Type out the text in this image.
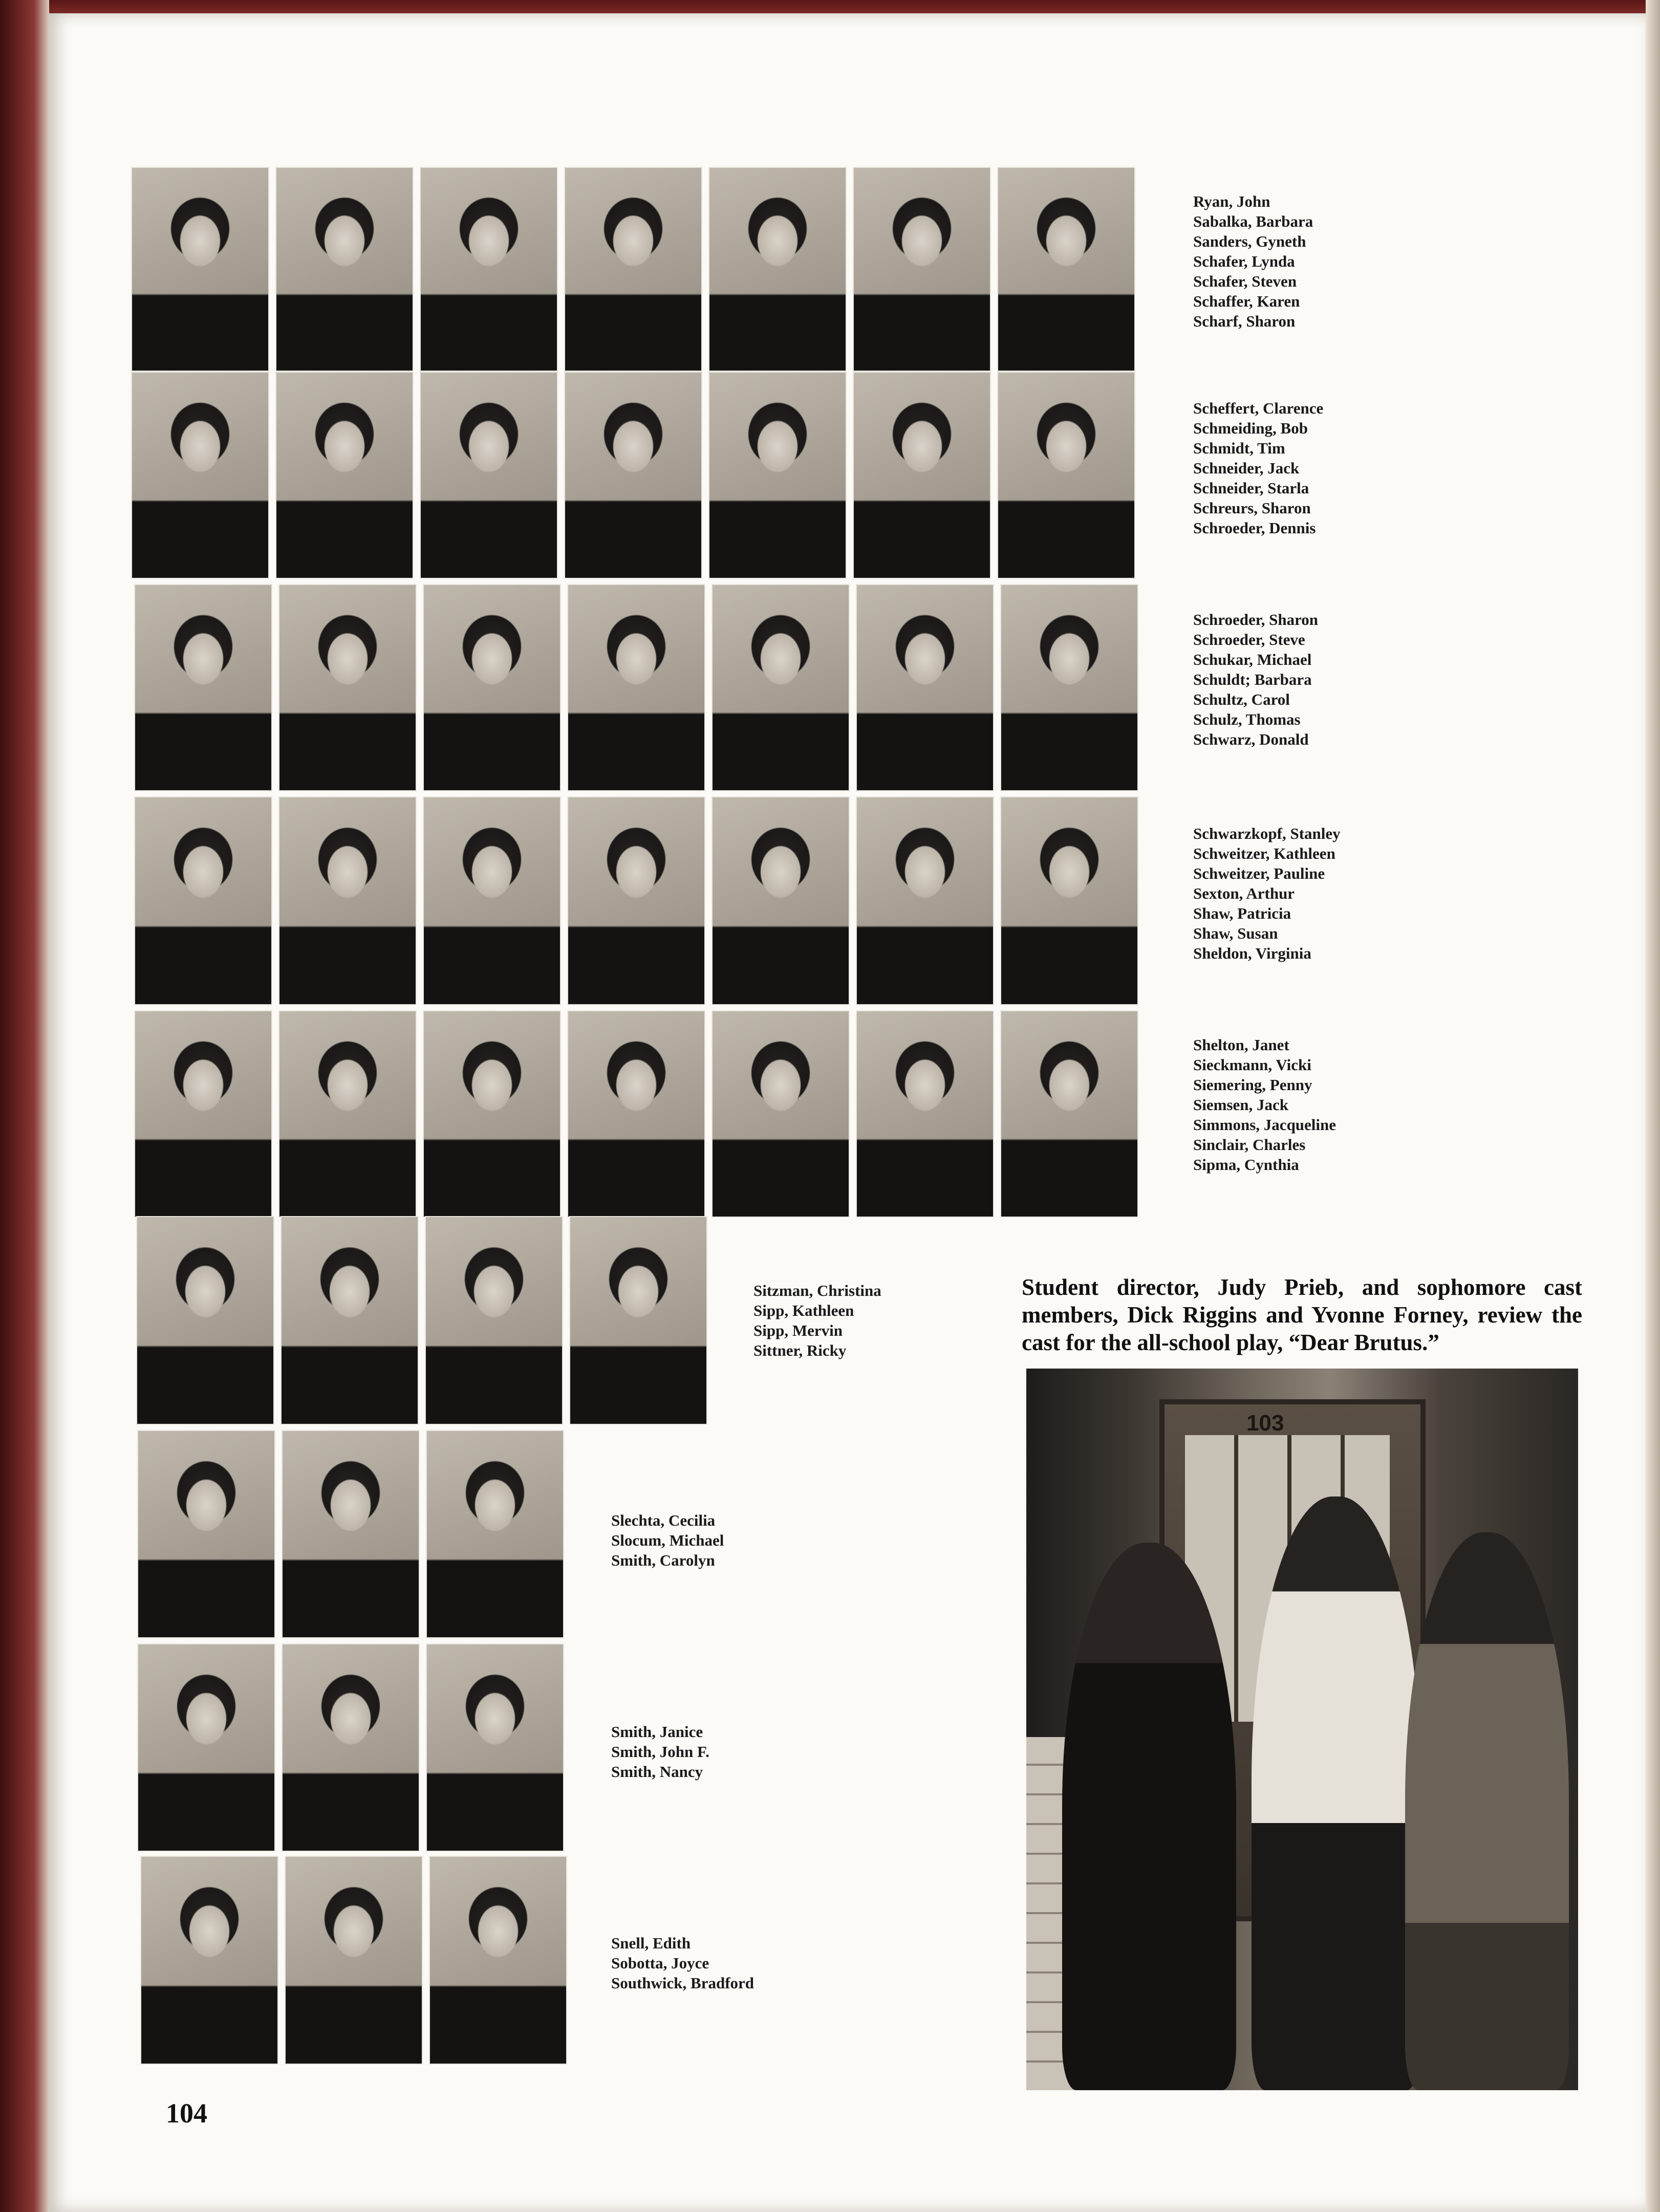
Ryan, John
Sabalka, Barbara
Sanders, Gyneth
Schafer, Lynda
Schafer, Steven
Schaffer, Karen
Scharf, Sharon
Scheffert, Clarence
Schmeiding, Bob
Schmidt, Tim
Schneider, Jack
Schneider, Starla
Schreurs, Sharon
Schroeder, Dennis
Schroeder, Sharon
Schroeder, Steve
Schukar, Michael
Schuldt; Barbara
Schultz, Carol
Schulz, Thomas
Schwarz, Donald
Schwarzkopf, Stanley
Schweitzer, Kathleen
Schweitzer, Pauline
Sexton, Arthur
Shaw, Patricia
Shaw, Susan
Sheldon, Virginia
Shelton, Janet
Sieckmann, Vicki
Siemering, Penny
Siemsen, Jack
Simmons, Jacqueline
Sinclair, Charles
Sipma, Cynthia
Sitzman, Christina
Sipp, Kathleen
Sipp, Mervin
Sittner, Ricky
Slechta, Cecilia
Slocum, Michael
Smith, Carolyn
Smith, Janice
Smith, John F.
Smith, Nancy
Snell, Edith
Sobotta, Joyce
Southwick, Bradford
Student director, Judy Prieb, and sophomore cast members, Dick Riggins and Yvonne Forney, review the cast for the all-school play, “Dear Brutus.”
103
104
